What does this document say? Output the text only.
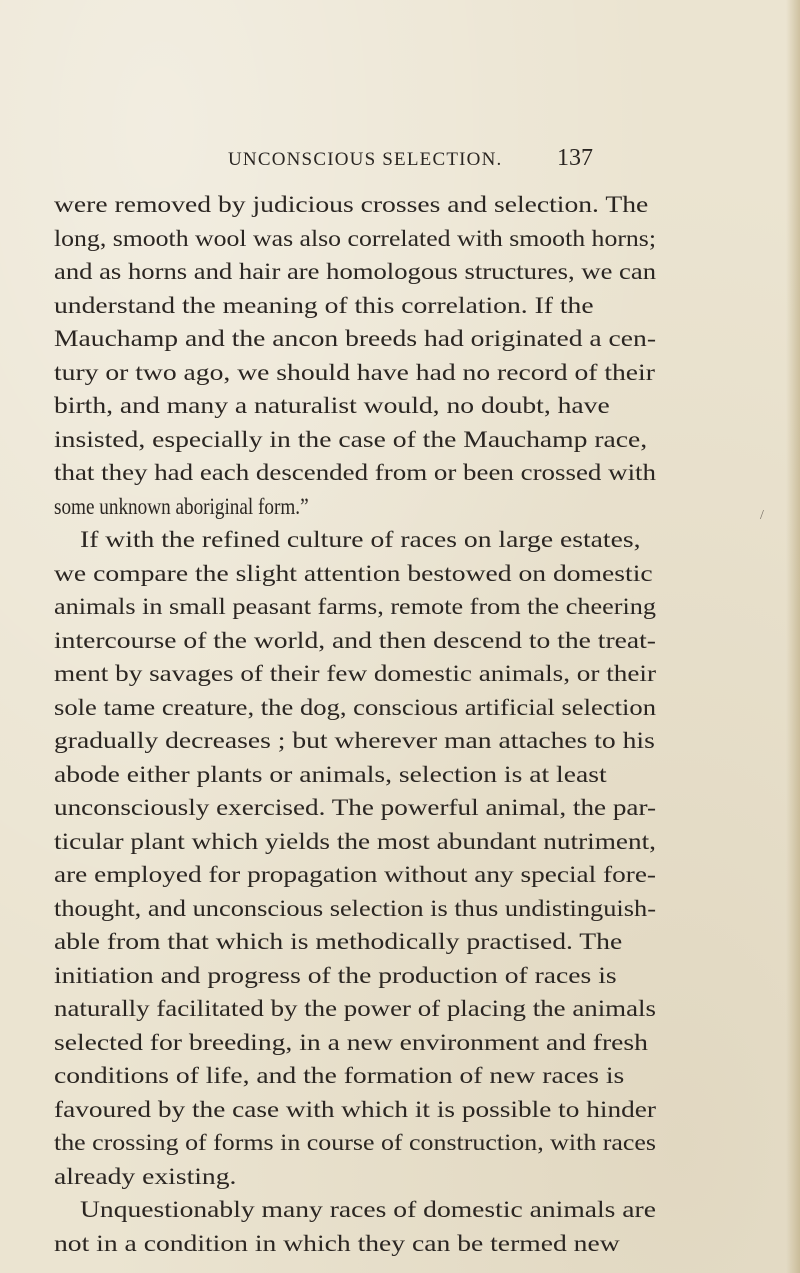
UNCONSCIOUS SELECTION. 137
were removed by judicious crosses and selection. The
long, smooth wool was also correlated with smooth horns;
and as horns and hair are homologous structures, we can
understand the meaning of this correlation. If the
Mauchamp and the ancon breeds had originated a cen-
tury or two ago, we should have had no record of their
birth, and many a naturalist would, no doubt, have
insisted, especially in the case of the Mauchamp race,
that they had each descended from or been crossed with
some unknown aboriginal form.”
If with the refined culture of races on large estates,
we compare the slight attention bestowed on domestic
animals in small peasant farms, remote from the cheering
intercourse of the world, and then descend to the treat-
ment by savages of their few domestic animals, or their
sole tame creature, the dog, conscious artificial selection
gradually decreases ; but wherever man attaches to his
abode either plants or animals, selection is at least
unconsciously exercised. The powerful animal, the par-
ticular plant which yields the most abundant nutriment,
are employed for propagation without any special fore-
thought, and unconscious selection is thus undistinguish-
able from that which is methodically practised. The
initiation and progress of the production of races is
naturally facilitated by the power of placing the animals
selected for breeding, in a new environment and fresh
conditions of life, and the formation of new races is
favoured by the case with which it is possible to hinder
the crossing of forms in course of construction, with races
already existing.
Unquestionably many races of domestic animals are
not in a condition in which they can be termed new
/
